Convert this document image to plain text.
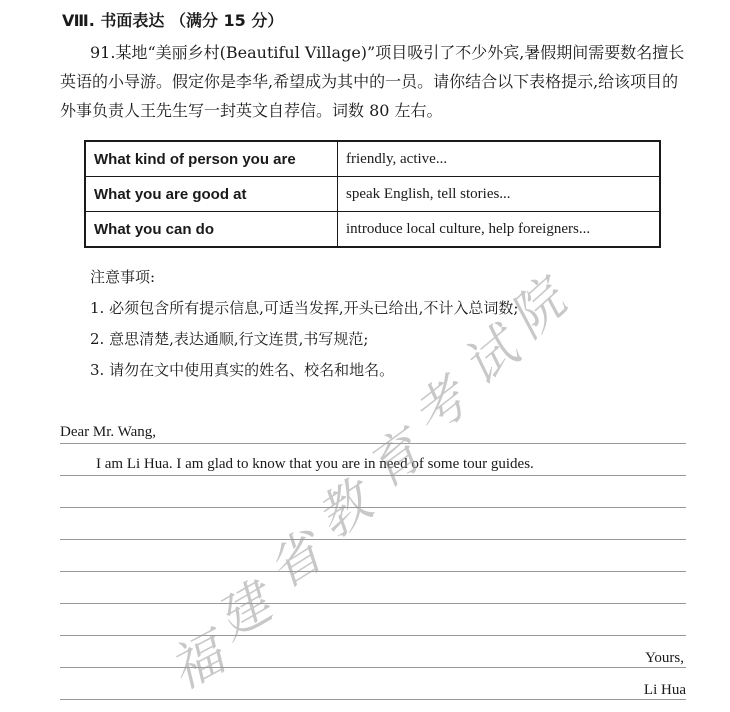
Ⅷ. 书面表达 （满分 15 分）
91.某地“美丽乡村(Beautiful Village)”项目吸引了不少外宾,暑假期间需要数名擅长英语的小导游。假定你是李华,希望成为其中的一员。请你结合以下表格提示,给该项目的外事负责人王先生写一封英文自荐信。词数 80 左右。
What kind of person you are	friendly, active...
What you are good at	speak English, tell stories...
What you can do	introduce local culture, help foreigners...
注意事项:
1. 必须包含所有提示信息,可适当发挥,开头已给出,不计入总词数;
2. 意思清楚,表达通顺,行文连贯,书写规范;
3. 请勿在文中使用真实的姓名、校名和地名。
Dear Mr. Wang,
I am Li Hua. I am glad to know that you are in need of some tour guides.
Yours,
Li Hua
福
建
省
教
育
考
试
院
